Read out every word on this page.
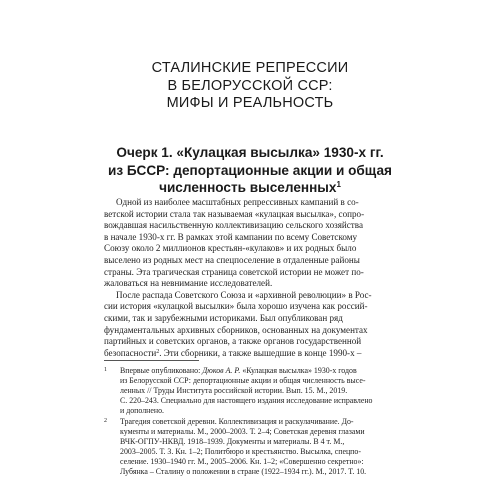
СТАЛИНСКИЕ РЕПРЕССИИ
В БЕЛОРУССКОЙ ССР:
МИФЫ И РЕАЛЬНОСТЬ
Очерк 1. «Кулацкая высылка» 1930-х гг.
из БССР: депортационные акции и общая
численность выселенных$^1$
Одной из наиболее масштабных репрессивных кампаний в со-
ветской истории стала так называемая «кулацкая высылка», сопро-
вождавшая насильственную коллективизацию сельского хозяйства
в начале 1930-х гг. В рамках этой кампании по всему Советскому
Союзу около 2 миллионов крестьян-«кулаков» и их родных было
выселено из родных мест на спецпоселение в отдаленные районы
страны. Эта трагическая страница советской истории не может по-
жаловаться на невнимание исследователей.
После распада Советского Союза и «архивной революции» в Рос-
сии история «кулацкой высылки» была хорошо изучена как россий-
скими, так и зарубежными историками. Был опубликован ряд
фундаментальных архивных сборников, основанных на документах
партийных и советских органов, а также органов государственной
безопасности$^2$. Эти сборники, а также вышедшие в конце 1990-х –
1 Впервые опубликовано: Дюков А. Р. «Кулацкая высылка» 1930-х годов
из Белорусской ССР: депортационные акции и общая численность высе-
ленных // Труды Института российской истории. Вып. 15. М., 2019.
С. 220–243. Специально для настоящего издания исследование исправлено
и дополнено.
2 Трагедия советской деревни. Коллективизация и раскулачивание. До-
кументы и материалы. М., 2000–2003. Т. 2–4; Советская деревня глазами
ВЧК-ОГПУ-НКВД. 1918–1939. Документы и материалы. В 4 т. М.,
2003–2005. Т. 3. Кн. 1–2; Политбюро и крестьянство. Высылка, спецпо-
селение. 1930–1940 гг. М., 2005–2006. Кн. 1–2; «Совершенно секретно»:
Лубянка – Сталину о положении в стране (1922–1934 гг.). М., 2017. Т. 10.
